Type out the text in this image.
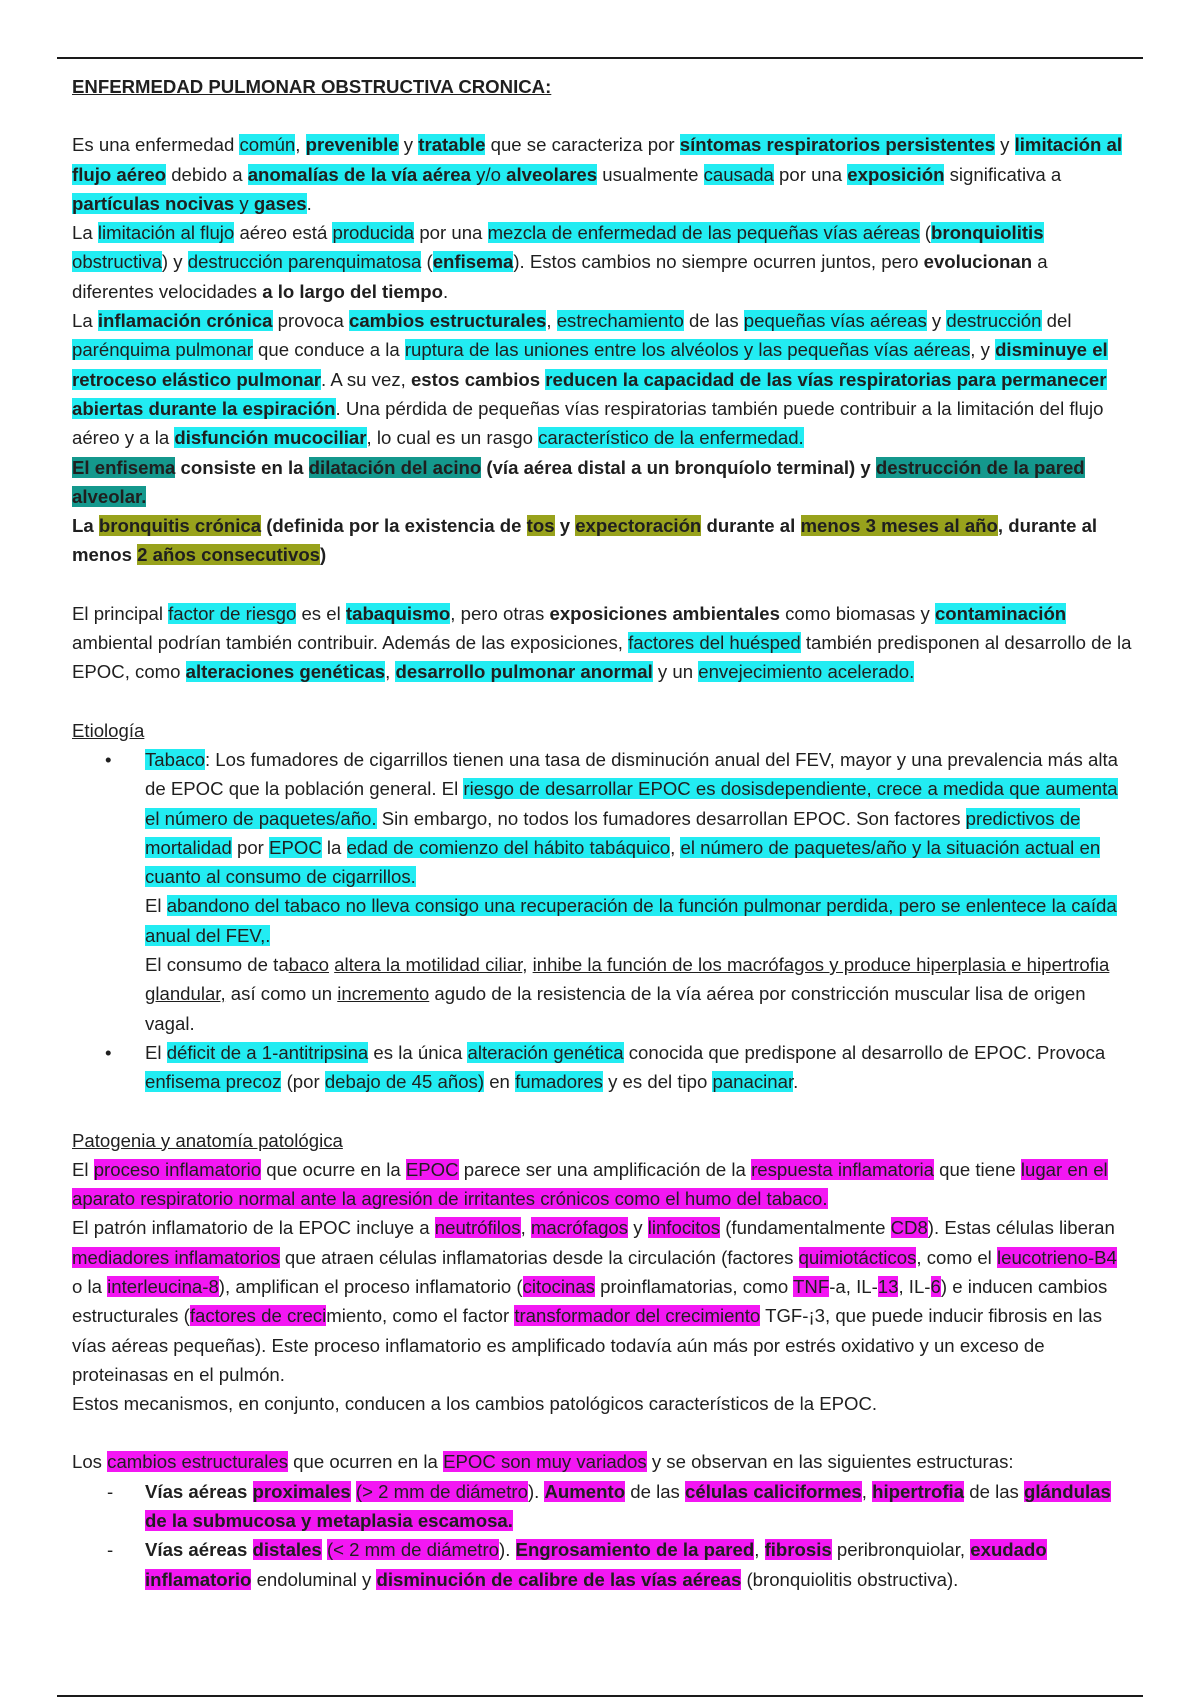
ENFERMEDAD PULMONAR OBSTRUCTIVA CRONICA:

Es una enfermedad común, prevenible y tratable que se caracteriza por síntomas respiratorios persistentes y limitación al flujo aéreo debido a anomalías de la vía aérea y/o alveolares usualmente causada por una exposición significativa a partículas nocivas y gases.

La limitación al flujo aéreo está producida por una mezcla de enfermedad de las pequeñas vías aéreas (bronquiolitis obstructiva) y destrucción parenquimatosa (enfisema). Estos cambios no siempre ocurren juntos, pero evolucionan a diferentes velocidades a lo largo del tiempo.

La inflamación crónica provoca cambios estructurales, estrechamiento de las pequeñas vías aéreas y destrucción del parénquima pulmonar que conduce a la ruptura de las uniones entre los alvéolos y las pequeñas vías aéreas, y disminuye el retroceso elástico pulmonar. A su vez, estos cambios reducen la capacidad de las vías respiratorias para permanecer abiertas durante la espiración. Una pérdida de pequeñas vías respiratorias también puede contribuir a la limitación del flujo aéreo y a la disfunción mucociliar, lo cual es un rasgo característico de la enfermedad.

El enfisema consiste en la dilatación del acino (vía aérea distal a un bronquíolo terminal) y destrucción de la pared alveolar.

La bronquitis crónica (definida por la existencia de tos y expectoración durante al menos 3 meses al año, durante al menos 2 años consecutivos)

El principal factor de riesgo es el tabaquismo, pero otras exposiciones ambientales como biomasas y contaminación ambiental podrían también contribuir. Además de las exposiciones, factores del huésped también predisponen al desarrollo de la EPOC, como alteraciones genéticas, desarrollo pulmonar anormal y un envejecimiento acelerado.

Etiología

•	Tabaco: Los fumadores de cigarrillos tienen una tasa de disminución anual del FEV, mayor y una prevalencia más alta de EPOC que la población general. El riesgo de desarrollar EPOC es dosisdependiente, crece a medida que aumenta el número de paquetes/año. Sin embargo, no todos los fumadores desarrollan EPOC. Son factores predictivos de mortalidad por EPOC la edad de comienzo del hábito tabáquico, el número de paquetes/año y la situación actual en cuanto al consumo de cigarrillos.

El abandono del tabaco no lleva consigo una recuperación de la función pulmonar perdida, pero se enlentece la caída anual del FEV,.

El consumo de tabaco altera la motilidad ciliar, inhibe la función de los macrófagos y produce hiperplasia e hipertrofia glandular, así como un incremento agudo de la resistencia de la vía aérea por constricción muscular lisa de origen vagal.

•	El déficit de a 1-antitripsina es la única alteración genética conocida que predispone al desarrollo de EPOC. Provoca enfisema precoz (por debajo de 45 años) en fumadores y es del tipo panacinar.

Patogenia y anatomía patológica

El proceso inflamatorio que ocurre en la EPOC parece ser una amplificación de la respuesta inflamatoria que tiene lugar en el aparato respiratorio normal ante la agresión de irritantes crónicos como el humo del tabaco.

El patrón inflamatorio de la EPOC incluye a neutrófilos, macrófagos y linfocitos (fundamentalmente CD8). Estas células liberan mediadores inflamatorios que atraen células inflamatorias desde la circulación (factores quimiotácticos, como el leucotrieno-B4 o la interleucina-8), amplifican el proceso inflamatorio (citocinas proinflamatorias, como TNF-a, IL-13, IL-6) e inducen cambios estructurales (factores de crecimiento, como el factor transformador del crecimiento TGF-¡3, que puede inducir fibrosis en las vías aéreas pequeñas). Este proceso inflamatorio es amplificado todavía aún más por estrés oxidativo y un exceso de proteinasas en el pulmón.

Estos mecanismos, en conjunto, conducen a los cambios patológicos característicos de la EPOC.

Los cambios estructurales que ocurren en la EPOC son muy variados y se observan en las siguientes estructuras:

-	Vías aéreas proximales (> 2 mm de diámetro). Aumento de las células caliciformes, hipertrofia de las glándulas de la submucosa y metaplasia escamosa.

-	Vías aéreas distales (< 2 mm de diámetro). Engrosamiento de la pared, fibrosis peribronquiolar, exudado inflamatorio endoluminal y disminución de calibre de las vías aéreas (bronquiolitis obstructiva).
